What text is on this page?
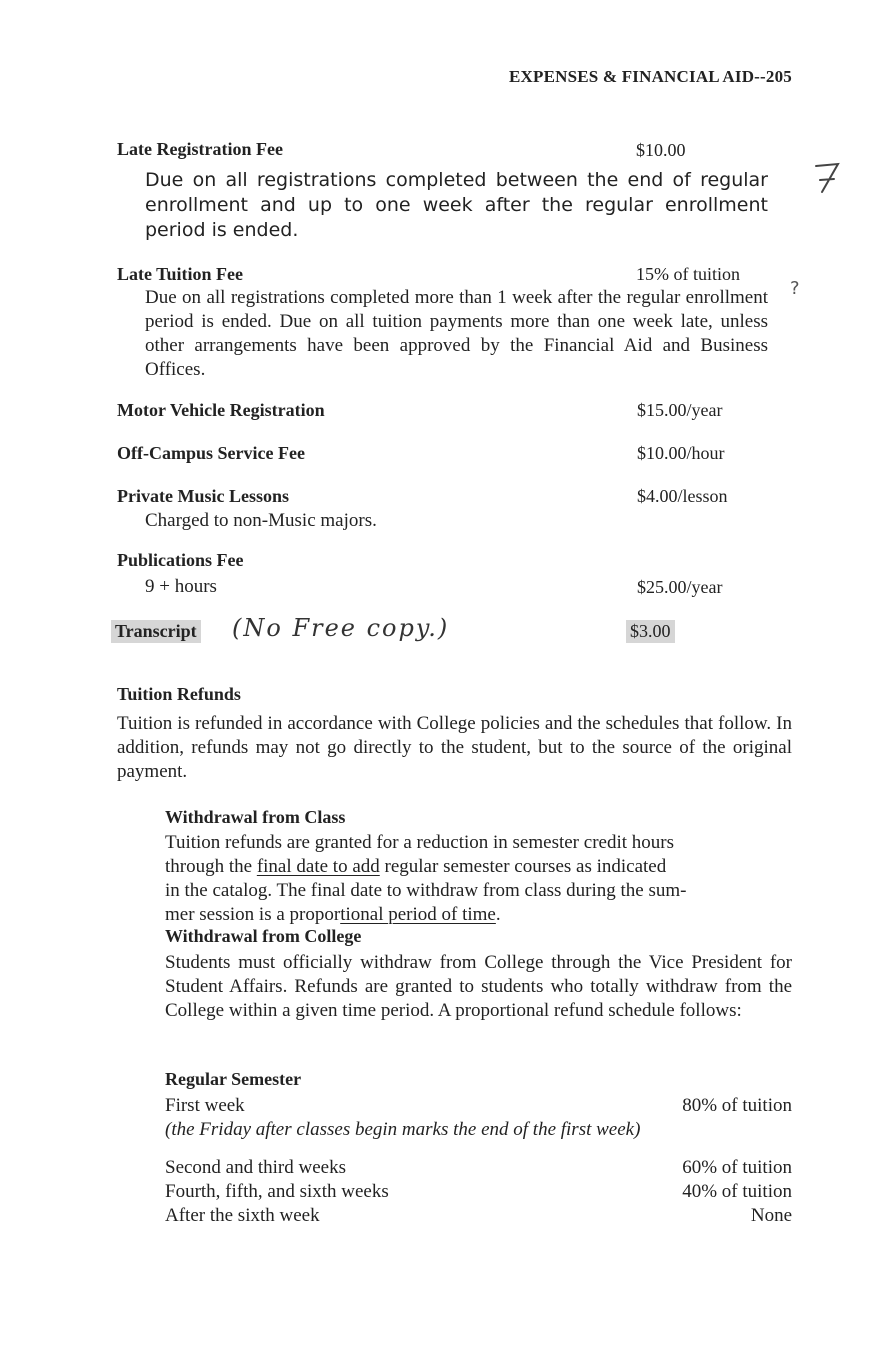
EXPENSES & FINANCIAL AID--205
Late Registration Fee	$10.00
Due on all registrations completed between the end of regular enrollment and up to one week after the regular enrollment period is ended.
?
Late Tuition Fee	15% of tuition
Due on all registrations completed more than 1 week after the regular enrollment period is ended. Due on all tuition payments more than one week late, unless other arrangements have been approved by the Financial Aid and Business Offices.
Motor Vehicle Registration	$15.00/year
Off-Campus Service Fee	$10.00/hour
Private Music Lessons	$4.00/lesson
Charged to non-Music majors.
Publications Fee
9 + hours	$25.00/year
Transcript (No Free copy.)	$3.00
Tuition Refunds
Tuition is refunded in accordance with College policies and the schedules that follow. In addition, refunds may not go directly to the student, but to the source of the original payment.
Withdrawal from Class
Tuition refunds are granted for a reduction in semester credit hours
through the final date to add regular semester courses as indicated
in the catalog. The final date to withdraw from class during the sum-
mer session is a proportional period of time.
Withdrawal from College
Students must officially withdraw from College through the Vice President for Student Affairs. Refunds are granted to students who totally withdraw from the College within a given time period. A proportional refund schedule follows:
Regular Semester
First week	80% of tuition
(the Friday after classes begin marks the end of the first week)
Second and third weeks	60% of tuition
Fourth, fifth, and sixth weeks	40% of tuition
After the sixth week	None
